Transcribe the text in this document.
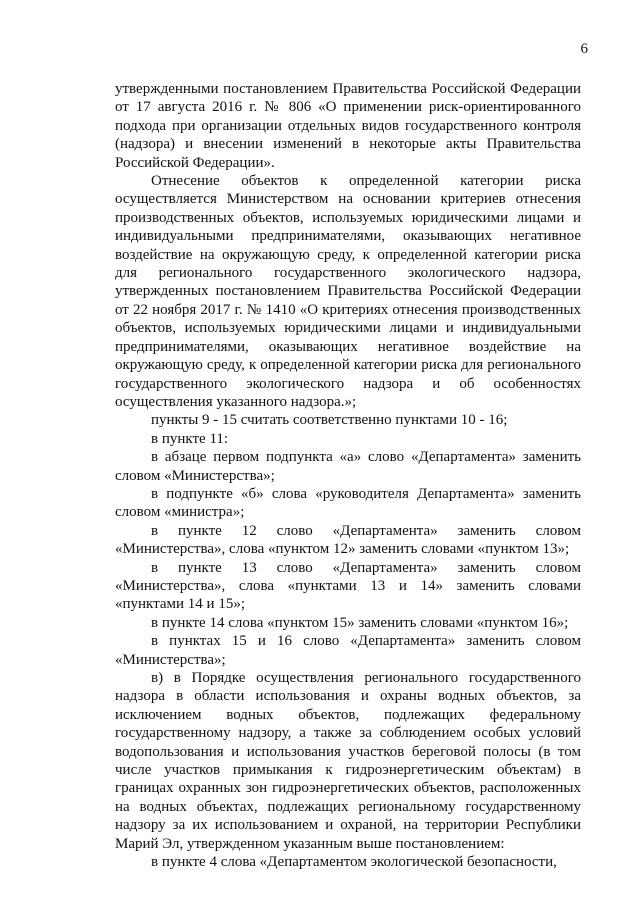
6

утвержденными постановлением Правительства Российской Федерации от 17 августа 2016 г. № 806 «О применении риск-ориентированного подхода при организации отдельных видов государственного контроля (надзора) и внесении изменений в некоторые акты Правительства Российской Федерации».

Отнесение объектов к определенной категории риска осуществляется Министерством на основании критериев отнесения производственных объектов, используемых юридическими лицами и индивидуальными предпринимателями, оказывающих негативное воздействие на окружающую среду, к определенной категории риска для регионального государственного экологического надзора, утвержденных постановлением Правительства Российской Федерации от 22 ноября 2017 г. № 1410 «О критериях отнесения производственных объектов, используемых юридическими лицами и индивидуальными предпринимателями, оказывающих негативное воздействие на окружающую среду, к определенной категории риска для регионального государственного экологического надзора и об особенностях осуществления указанного надзора.»;

пункты 9 - 15 считать соответственно пунктами 10 - 16;

в пункте 11:

в абзаце первом подпункта «а» слово «Департамента» заменить словом «Министерства»;

в подпункте «б» слова «руководителя Департамента» заменить словом «министра»;

в пункте 12 слово «Департамента» заменить словом «Министерства», слова «пунктом 12» заменить словами «пунктом 13»;

в пункте 13 слово «Департамента» заменить словом «Министерства», слова «пунктами 13 и 14» заменить словами «пунктами 14 и 15»;

в пункте 14 слова «пунктом 15» заменить словами «пунктом 16»;

в пунктах 15 и 16 слово «Департамента» заменить словом «Министерства»;

в) в Порядке осуществления регионального государственного надзора в области использования и охраны водных объектов, за исключением водных объектов, подлежащих федеральному государственному надзору, а также за соблюдением особых условий водопользования и использования участков береговой полосы (в том числе участков примыкания к гидроэнергетическим объектам) в границах охранных зон гидроэнергетических объектов, расположенных на водных объектах, подлежащих региональному государственному надзору за их использованием и охраной, на территории Республики Марий Эл, утвержденном указанным выше постановлением:

в пункте 4 слова «Департаментом экологической безопасности,
